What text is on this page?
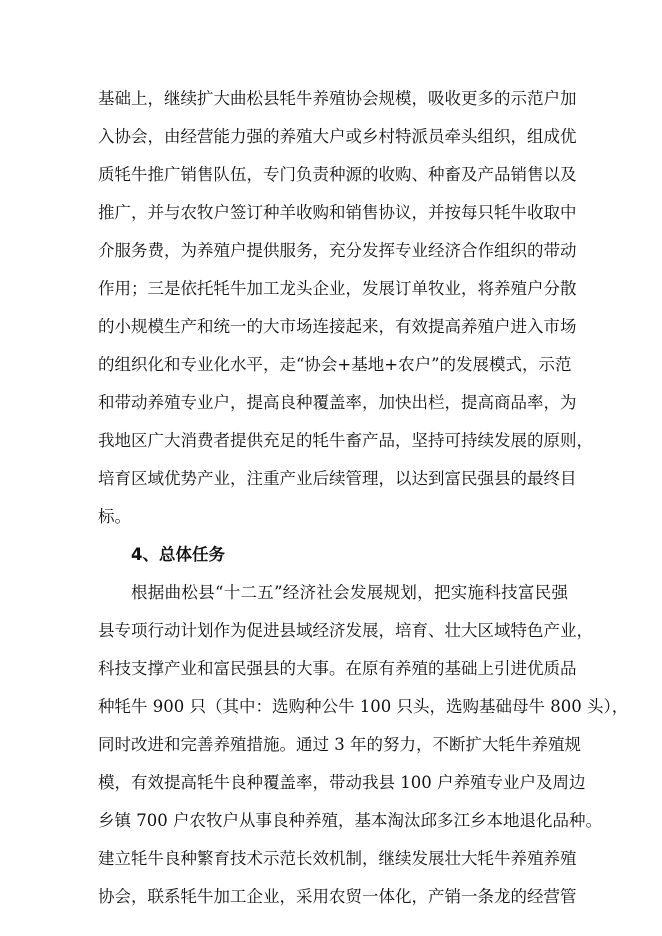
基础上，继续扩大曲松县牦牛养殖协会规模，吸收更多的示范户加
入协会，由经营能力强的养殖大户或乡村特派员牵头组织，组成优
质牦牛推广销售队伍，专门负责种源的收购、种畜及产品销售以及
推广，并与农牧户签订种羊收购和销售协议，并按每只牦牛收取中
介服务费，为养殖户提供服务，充分发挥专业经济合作组织的带动
作用；三是依托牦牛加工龙头企业，发展订单牧业，将养殖户分散
的小规模生产和统一的大市场连接起来，有效提高养殖户进入市场
的组织化和专业化水平，走“协会+基地+农户”的发展模式，示范
和带动养殖专业户，提高良种覆盖率，加快出栏，提高商品率，为
我地区广大消费者提供充足的牦牛畜产品，坚持可持续发展的原则，
培育区域优势产业，注重产业后续管理，以达到富民强县的最终目
标。
4、总体任务
根据曲松县“十二五”经济社会发展规划，把实施科技富民强
县专项行动计划作为促进县域经济发展，培育、壮大区域特色产业，
科技支撑产业和富民强县的大事。在原有养殖的基础上引进优质品
种牦牛 900 只（其中：选购种公牛 100 只头，选购基础母牛 800 头），
同时改进和完善养殖措施。通过 3 年的努力，不断扩大牦牛养殖规
模，有效提高牦牛良种覆盖率，带动我县 100 户养殖专业户及周边
乡镇 700 户农牧户从事良种养殖，基本淘汰邱多江乡本地退化品种。
建立牦牛良种繁育技术示范长效机制，继续发展壮大牦牛养殖养殖
协会，联系牦牛加工企业，采用农贸一体化，产销一条龙的经营管
